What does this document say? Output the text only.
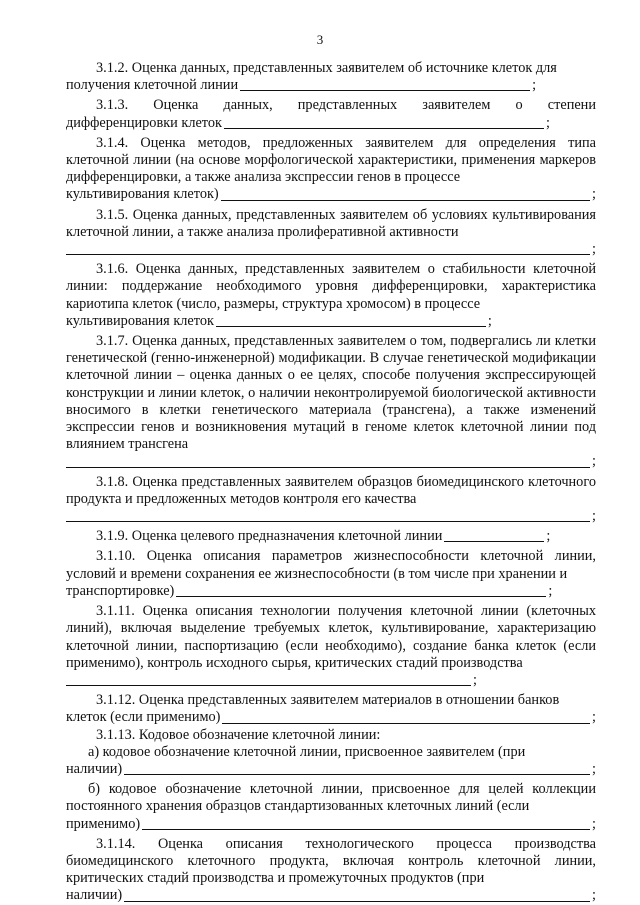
3
3.1.2. Оценка данных, представленных заявителем об источнике клеток для
получения клеточной линии	;
3.1.3. Оценка данных, представленных заявителем о степени
дифференцировки клеток	;
3.1.4. Оценка методов, предложенных заявителем для определения типа клеточной линии (на основе морфологической характеристики, применения маркеров дифференцировки, а также анализа экспрессии генов в процессе
культивирования клеток)	;
3.1.5. Оценка данных, представленных заявителем об условиях культивирования клеточной линии, а также анализа пролиферативной активности
;
3.1.6. Оценка данных, представленных заявителем о стабильности клеточной линии: поддержание необходимого уровня дифференцировки, характеристика кариотипа клеток (число, размеры, структура хромосом) в процессе
культивирования клеток	;
3.1.7. Оценка данных, представленных заявителем о том, подвергались ли клетки генетической (генно-инженерной) модификации. В случае генетической модификации клеточной линии – оценка данных о ее целях, способе получения экспрессирующей конструкции и линии клеток, о наличии неконтролируемой биологической активности вносимого в клетки генетического материала (трансгена), а также изменений экспрессии генов и возникновения мутаций в геноме клеток клеточной линии под влиянием трансгена
;
3.1.8. Оценка представленных заявителем образцов биомедицинского клеточного продукта и предложенных методов контроля его качества
;
3.1.9. Оценка целевого предназначения клеточной линии	;
3.1.10. Оценка описания параметров жизнеспособности клеточной линии, условий и времени сохранения ее жизнеспособности (в том числе при хранении и
транспортировке)	;
3.1.11. Оценка описания технологии получения клеточной линии (клеточных линий), включая выделение требуемых клеток, культивирование, характеризацию клеточной линии, паспортизацию (если необходимо), создание банка клеток (если применимо), контроль исходного сырья, критических стадий производства
;
3.1.12. Оценка представленных заявителем материалов в отношении банков
клеток (если применимо)	;
3.1.13. Кодовое обозначение клеточной линии:
а) кодовое обозначение клеточной линии, присвоенное заявителем (при
наличии)	;
б) кодовое обозначение клеточной линии, присвоенное для целей коллекции постоянного хранения образцов стандартизованных клеточных линий (если
применимо)	;
3.1.14. Оценка описания технологического процесса производства биомедицинского клеточного продукта, включая контроль клеточной линии, критических стадий производства и промежуточных продуктов (при
наличии)	;
